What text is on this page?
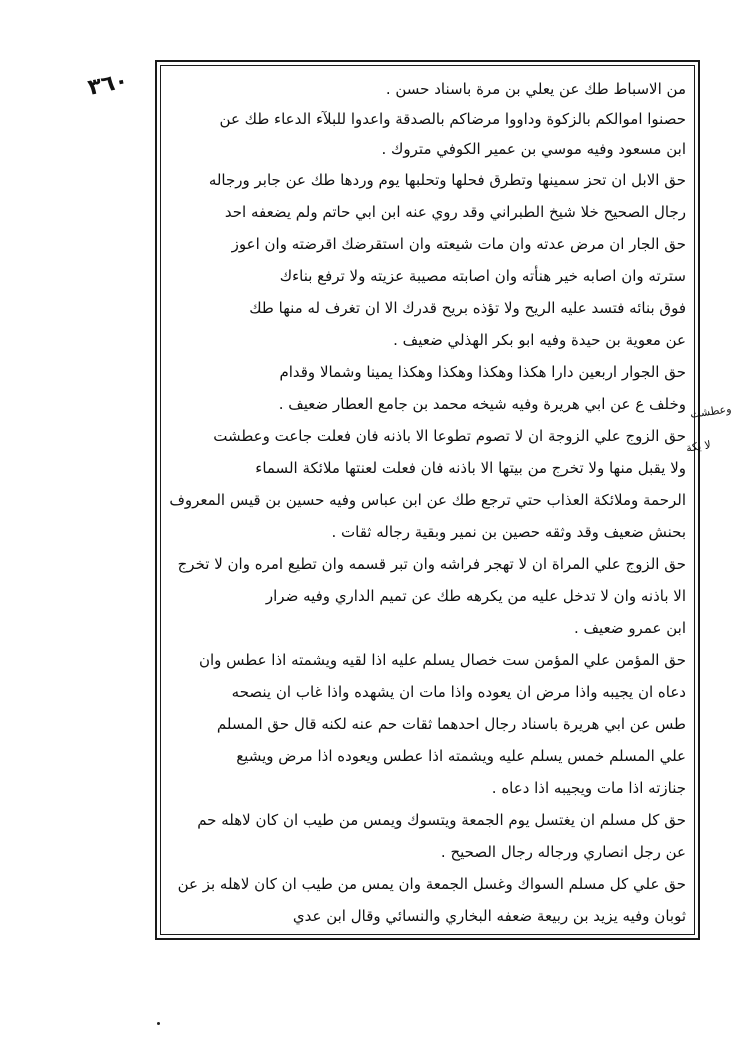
٣٦٠	من الاسباط طك عن يعلي بن مرة باسناد حسن .
حصنوا اموالكم بالزكوة وداووا مرضاكم بالصدقة واعدوا للبلآء الدعاء طك عن
ابن مسعود وفيه موسي بن عمير الكوفي متروك .
حق الابل ان تحز سمينها وتطرق فحلها وتحلبها يوم وردها طك عن جابر ورجاله
رجال الصحيح خلا شيخ الطبراني وقد روي عنه ابن ابي حاتم ولم يضعفه احد
حق الجار ان مرض عدته وان مات شيعته وان استقرضك اقرضته وان اعوز
سترته وان اصابه خير هنأته وان اصابته مصيبة عزيته ولا ترفع بناءك
فوق بنائه فتسد عليه الريح ولا تؤذه بريح قدرك الا ان تغرف له منها طك
عن معوية بن حيدة وفيه ابو بكر الهذلي ضعيف .
حق الجوار اربعين دارا هكذا وهكذا وهكذا وهكذا يمينا وشمالا وقدام
وخلف ع عن ابي هريرة وفيه شيخه محمد بن جامع العطار ضعيف .
حق الزوج علي الزوجة ان لا تصوم تطوعا الا باذنه فان فعلت جاعت وعطشت
ولا يقبل منها ولا تخرج من بيتها الا باذنه فان فعلت لعنتها ملائكة السماء
الرحمة وملائكة العذاب حتي ترجع طك عن ابن عباس وفيه حسين بن قيس المعروف
بحنش ضعيف وقد وثقه حصين بن نمير وبقية رجاله ثقات .
حق الزوج علي المراة ان لا تهجر فراشه وان تبر قسمه وان تطيع امره وان لا تخرج
الا باذنه وان لا تدخل عليه من يكرهه طك عن تميم الداري وفيه ضرار
ابن عمرو ضعيف .
حق المؤمن علي المؤمن ست خصال يسلم عليه اذا لقيه ويشمته اذا عطس وان
دعاه ان يجيبه واذا مرض ان يعوده واذا مات ان يشهده واذا غاب ان ينصحه
طس عن ابي هريرة باسناد رجال احدهما ثقات حم عنه لكنه قال حق المسلم
علي المسلم خمس يسلم عليه ويشمته اذا عطس ويعوده اذا مرض ويشيع
جنازته اذا مات ويجيبه اذا دعاه .
حق كل مسلم ان يغتسل يوم الجمعة ويتسوك ويمس من طيب ان كان لاهله حم
عن رجل انصاري ورجاله رجال الصحيح .
حق علي كل مسلم السواك وغسل الجمعة وان يمس من طيب ان كان لاهله بز عن
ثوبان وفيه يزيد بن ربيعة ضعفه البخاري والنسائي وقال ابن عدي
وعطشت
لا يكة
